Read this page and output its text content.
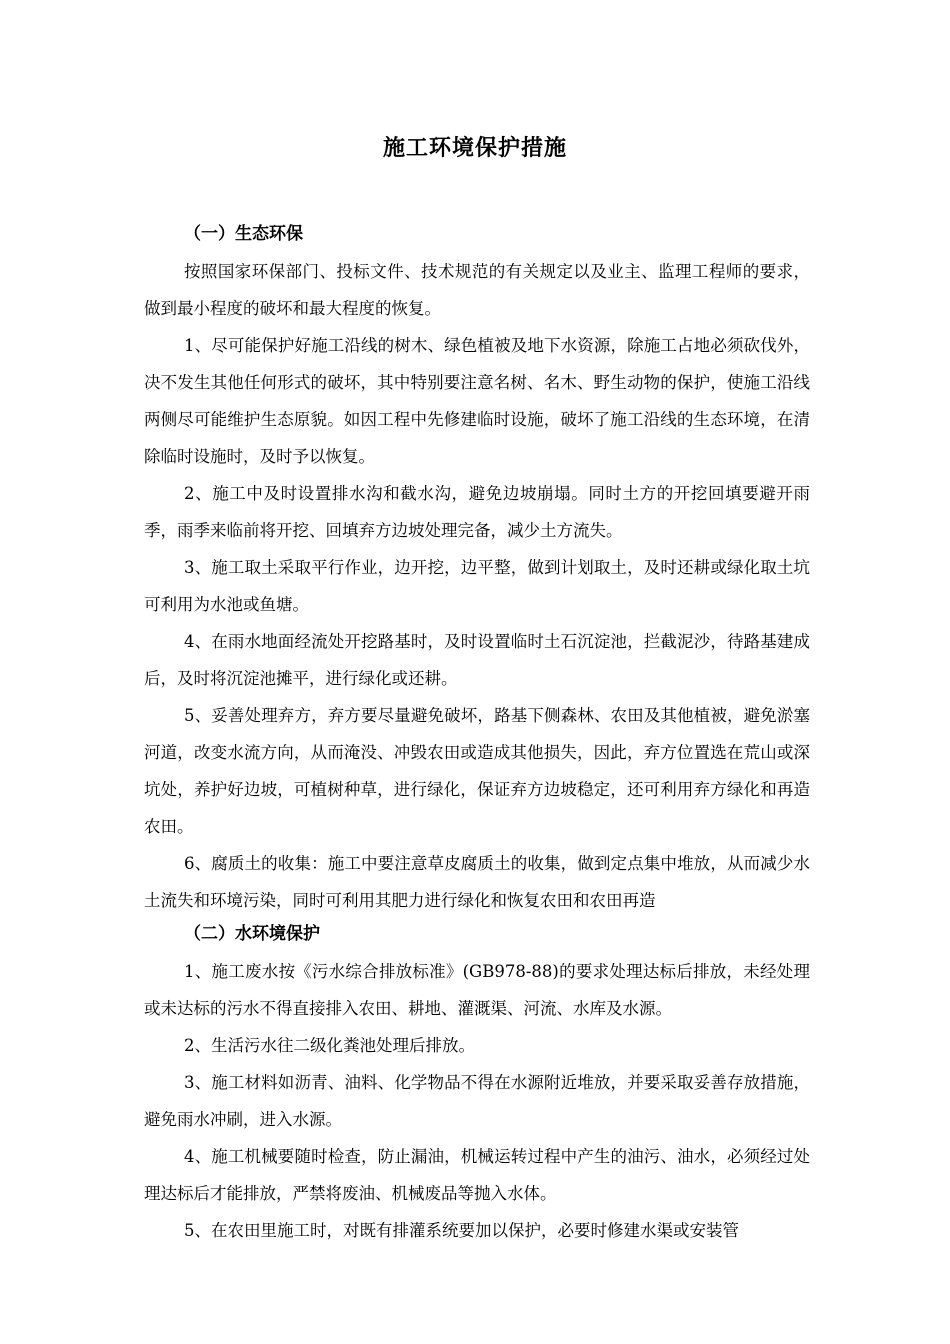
施工环境保护措施
（一）生态环保

按照国家环保部门、投标文件、技术规范的有关规定以及业主、监理工程师的要求，做到最小程度的破坏和最大程度的恢复。

1、尽可能保护好施工沿线的树木、绿色植被及地下水资源，除施工占地必须砍伐外，决不发生其他任何形式的破坏，其中特别要注意名树、名木、野生动物的保护，使施工沿线两侧尽可能维护生态原貌。如因工程中先修建临时设施，破坏了施工沿线的生态环境，在清除临时设施时，及时予以恢复。

2、施工中及时设置排水沟和截水沟，避免边坡崩塌。同时土方的开挖回填要避开雨季，雨季来临前将开挖、回填弃方边坡处理完备，减少土方流失。

3、施工取土采取平行作业，边开挖，边平整，做到计划取土，及时还耕或绿化取土坑可利用为水池或鱼塘。

4、在雨水地面经流处开挖路基时，及时设置临时土石沉淀池，拦截泥沙，待路基建成后，及时将沉淀池摊平，进行绿化或还耕。

5、妥善处理弃方，弃方要尽量避免破坏，路基下侧森林、农田及其他植被，避免淤塞河道，改变水流方向，从而淹没、冲毁农田或造成其他损失，因此，弃方位置选在荒山或深坑处，养护好边坡，可植树种草，进行绿化，保证弃方边坡稳定，还可利用弃方绿化和再造农田。

6、腐质土的收集：施工中要注意草皮腐质土的收集，做到定点集中堆放，从而减少水土流失和环境污染，同时可利用其肥力进行绿化和恢复农田和农田再造

（二）水环境保护

1、施工废水按《污水综合排放标准》(GB978-88)的要求处理达标后排放，未经处理或未达标的污水不得直接排入农田、耕地、灌溉渠、河流、水库及水源。

2、生活污水往二级化粪池处理后排放。

3、施工材料如沥青、油料、化学物品不得在水源附近堆放，并要采取妥善存放措施，避免雨水冲刷，进入水源。

4、施工机械要随时检查，防止漏油，机械运转过程中产生的油污、油水，必须经过处理达标后才能排放，严禁将废油、机械废品等抛入水体。

5、在农田里施工时，对既有排灌系统要加以保护，必要时修建水渠或安装管
